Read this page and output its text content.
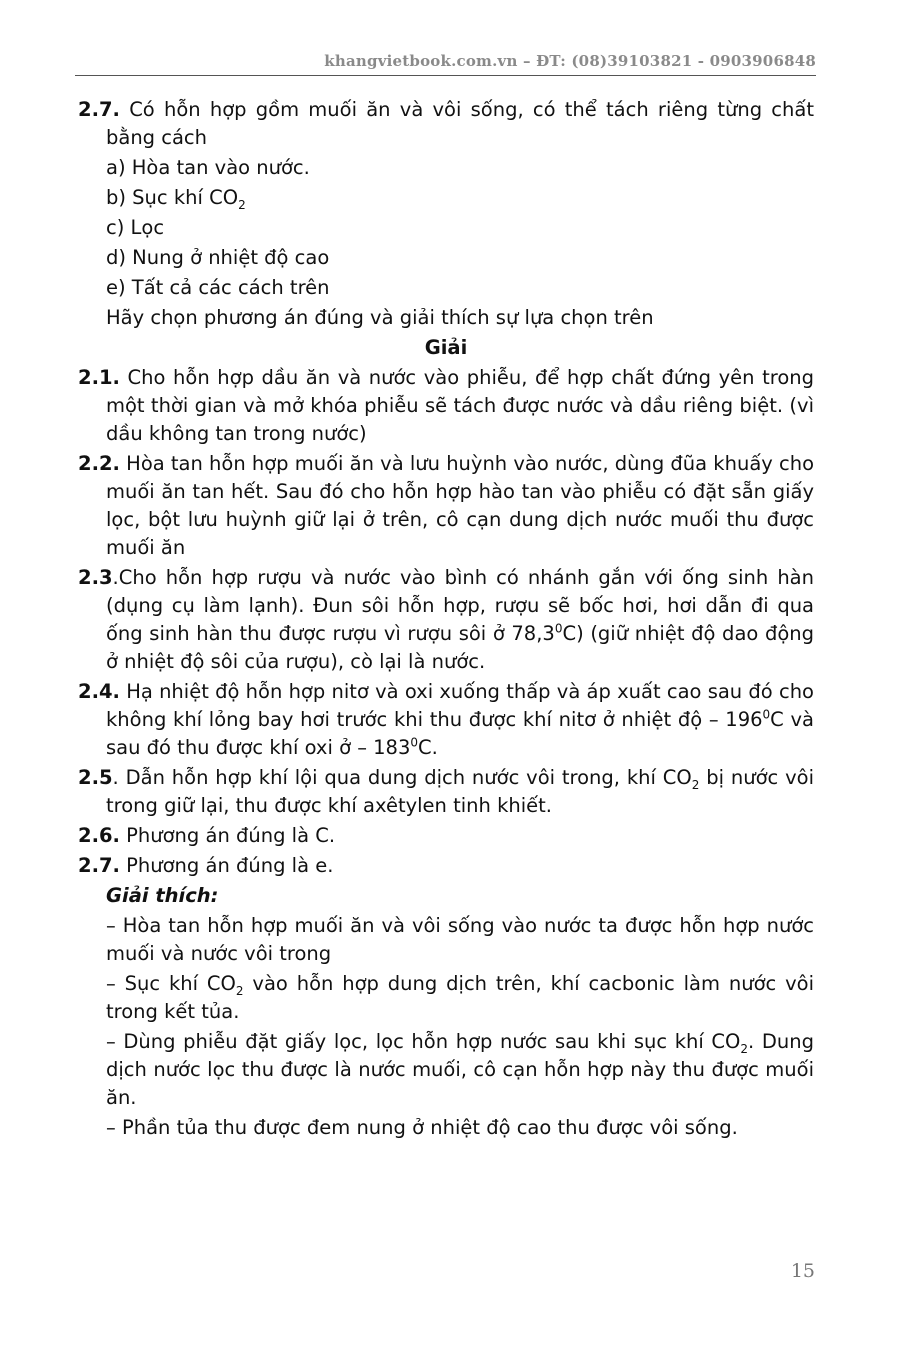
khangvietbook.com.vn – ĐT: (08)39103821 - 0903906848

2.7. Có hỗn hợp gồm muối ăn và vôi sống, có thể tách riêng từng chất bằng cách

a) Hòa tan vào nước.

b) Sục khí $CO_2$

c) Lọc

d) Nung ở nhiệt độ cao

e) Tất cả các cách trên

Hãy chọn phương án đúng và giải thích sự lựa chọn trên

Giải

2.1. Cho hỗn hợp dầu ăn và nước vào phiễu, để hợp chất đứng yên trong một thời gian và mở khóa phiễu sẽ tách được nước và dầu riêng biệt. (vì dầu không tan trong nước)

2.2. Hòa tan hỗn hợp muối ăn và lưu huỳnh vào nước, dùng đũa khuấy cho muối ăn tan hết. Sau đó cho hỗn hợp hào tan vào phiễu có đặt sẵn giấy lọc, bột lưu huỳnh giữ lại ở trên, cô cạn dung dịch nước muối thu được muối ăn

2.3.Cho hỗn hợp rượu và nước vào bình có nhánh gắn với ống sinh hàn (dụng cụ làm lạnh). Đun sôi hỗn hợp, rượu sẽ bốc hơi, hơi dẫn đi qua ống sinh hàn thu được rượu vì rượu sôi ở 78,3$^0$C) (giữ nhiệt độ dao động ở nhiệt độ sôi của rượu), cò lại là nước.

2.4. Hạ nhiệt độ hỗn hợp nitơ và oxi xuống thấp và áp xuất cao sau đó cho không khí lỏng bay hơi trước khi thu được khí nitơ ở nhiệt độ – $196^0C$ và sau đó thu được khí oxi ở – $183^0C$.

2.5. Dẫn hỗn hợp khí lội qua dung dịch nước vôi trong, khí $CO_2$ bị nước vôi trong giữ lại, thu được khí axêtylen tinh khiết.

2.6. Phương án đúng là C.

2.7. Phương án đúng là e.

Giải thích:

– Hòa tan hỗn hợp muối ăn và vôi sống vào nước ta được hỗn hợp nước muối và nước vôi trong

– Sục khí $CO_2$ vào hỗn hợp dung dịch trên, khí cacbonic làm nước vôi trong kết tủa.

– Dùng phiễu đặt giấy lọc, lọc hỗn hợp nước sau khi sục khí $CO_2$. Dung dịch nước lọc thu được là nước muối, cô cạn hỗn hợp này thu được muối ăn.

– Phần tủa thu được đem nung ở nhiệt độ cao thu được vôi sống.

15
